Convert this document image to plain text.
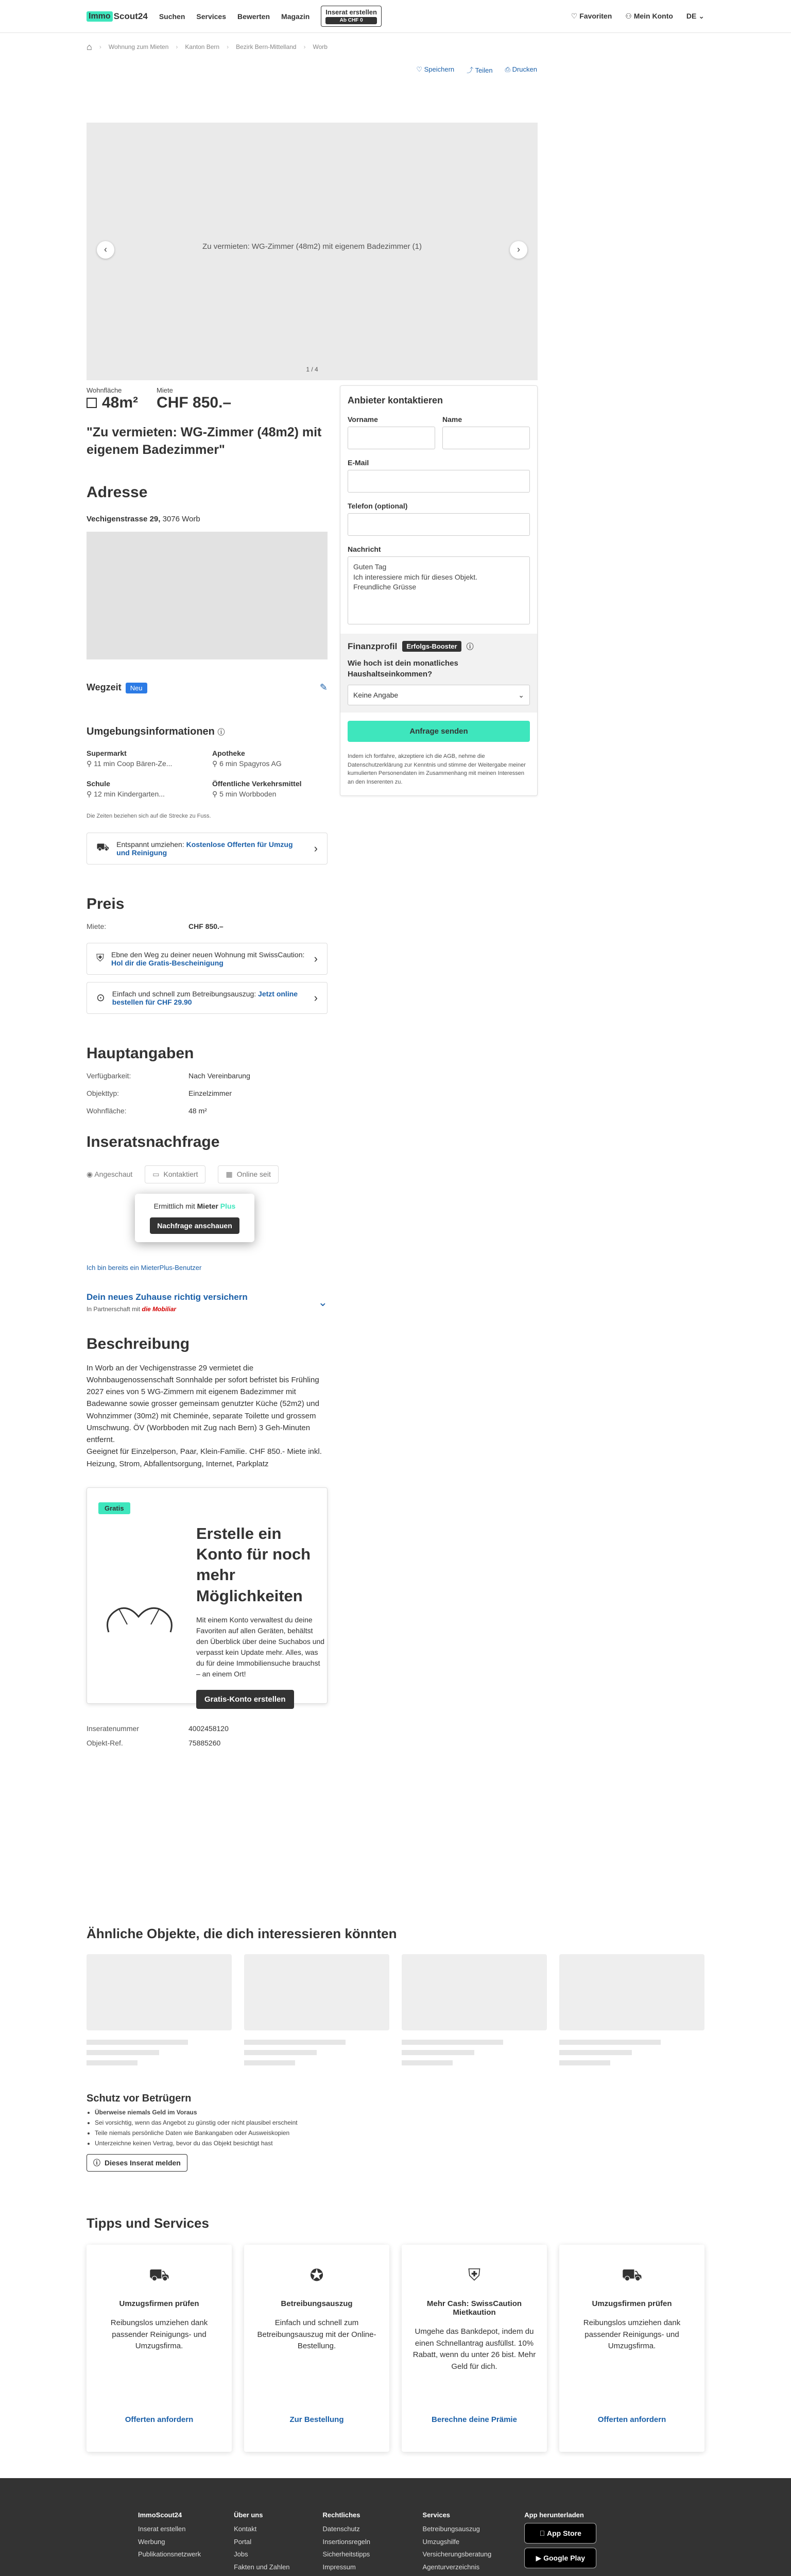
Immo Scout24 Suchen Services Bewerten Magazin
Inserat erstellen
Ab CHF 0
♡ Favoriten ⚇ Mein Konto DE ⌄
⌂ › Wohnung zum Mieten › Kanton Bern › Bezirk Bern-Mittelland › Worb
♡ Speichern ⤴ Teilen ⎙ Drucken
Zu vermieten: WG-Zimmer (48m2) mit eigenem Badezimmer (1)
‹	›
1 / 4
Wohnfläche
48m²
Miete
CHF 850.–
"Zu vermieten: WG-Zimmer (48m2) mit eigenem Badezimmer"
Adresse
Vechigenstrasse 29, 3076 Worb
Wegzeit Neu	✎
Umgebungsinformationen ⓘ
Supermarkt
⚲ 11 min Coop Bären-Ze...
Apotheke
⚲ 6 min Spagyros AG
Schule
⚲ 12 min Kindergarten...
Öffentliche Verkehrsmittel
⚲ 5 min Worbboden
Die Zeiten beziehen sich auf die Strecke zu Fuss.
⛟ Entspannt umziehen: Kostenlose Offerten für Umzug und Reinigung	›
Preis
Miete:	CHF 850.–
⛨ Ebne den Weg zu deiner neuen Wohnung mit SwissCaution: Hol dir die Gratis-Bescheinigung	›
⊙ Einfach und schnell zum Betreibungsauszug: Jetzt online bestellen für CHF 29.90	›
Hauptangaben
Verfügbarkeit:	Nach Vereinbarung
Objekttyp:	Einzelzimmer
Wohnfläche:	48 m²
Inseratsnachfrage
◉ Angeschaut	▭ Kontaktiert	▦ Online seit
Ermittlich mit Mieter Plus
Nachfrage anschauen
Ich bin bereits ein MieterPlus-Benutzer
Dein neues Zuhause richtig versichern
In Partnerschaft mit die Mobiliar
⌄
Beschreibung
In Worb an der Vechigenstrasse 29 vermietet die Wohnbaugenossenschaft Sonnhalde per sofort befristet bis Frühling 2027 eines von 5 WG-Zimmern mit eigenem Badezimmer mit Badewanne sowie grosser gemeinsam genutzter Küche (52m2) und Wohnzimmer (30m2) mit Cheminée, separate Toilette und grossem Umschwung. ÖV (Worbboden mit Zug nach Bern) 3 Geh-Minuten entfernt.
Geeignet für Einzelperson, Paar, Klein-Familie. CHF 850.- Miete inkl. Heizung, Strom, Abfallentsorgung, Internet, Parkplatz
Gratis
Erstelle ein Konto für noch mehr Möglichkeiten

Mit einem Konto verwaltest du deine Favoriten auf allen Geräten, behältst den Überblick über deine Suchabos und verpasst kein Update mehr. Alles, was du für deine Immobiliensuche brauchst – an einem Ort!

Gratis-Konto erstellen
Inseratenummer	4002458120
Objekt-Ref.	75885260
Anbieter kontaktieren
Vorname	Name
E-Mail
Telefon (optional)
Nachricht
Guten Tag
Ich interessiere mich für dieses Objekt.
Freundliche Grüsse
Finanzprofil	Erfolgs-Booster	ⓘ
Wie hoch ist dein monatliches Haushaltseinkommen?
Keine Angabe	⌄
Anfrage senden
Indem ich fortfahre, akzeptiere ich die AGB, nehme die Datenschutzerklärung zur Kenntnis und stimme der Weitergabe meiner kumulierten Personendaten im Zusammenhang mit meinen Interessen an den Inserenten zu.
Ähnliche Objekte, die dich interessieren könnten
Schutz vor Betrügern
• Überweise niemals Geld im Voraus
• Sei vorsichtig, wenn das Angebot zu günstig oder nicht plausibel erscheint
• Teile niemals persönliche Daten wie Bankangaben oder Ausweiskopien
• Unterzeichne keinen Vertrag, bevor du das Objekt besichtigt hast
ⓘ Dieses Inserat melden
Tipps und Services
⛟
Umzugsfirmen prüfen
Reibungslos umziehen dank passender Reinigungs- und Umzugsfirma.
Offerten anfordern
✪
Betreibungsauszug
Einfach und schnell zum Betreibungsauszug mit der Online-Bestellung.
Zur Bestellung
⛨
Mehr Cash: SwissCaution Mietkaution
Umgehe das Bankdepot, indem du einen Schnellantrag ausfüllst. 10% Rabatt, wenn du unter 26 bist. Mehr Geld für dich.
Berechne deine Prämie
⛟
Umzugsfirmen prüfen
Reibungslos umziehen dank passender Reinigungs- und Umzugsfirma.
Offerten anfordern
ImmoScout24
Inserat erstellen
Werbung
Publikationsnetzwerk
Über uns
Kontakt
Portal
Jobs
Fakten und Zahlen
Rechtliches
Datenschutz
Insertionsregeln
Sicherheitstipps
Impressum
Services
Betreibungsauszug
Umzugshilfe
Versicherungsberatung
Agenturverzeichnis
App herunterladen

App Store
▶
Google Play
